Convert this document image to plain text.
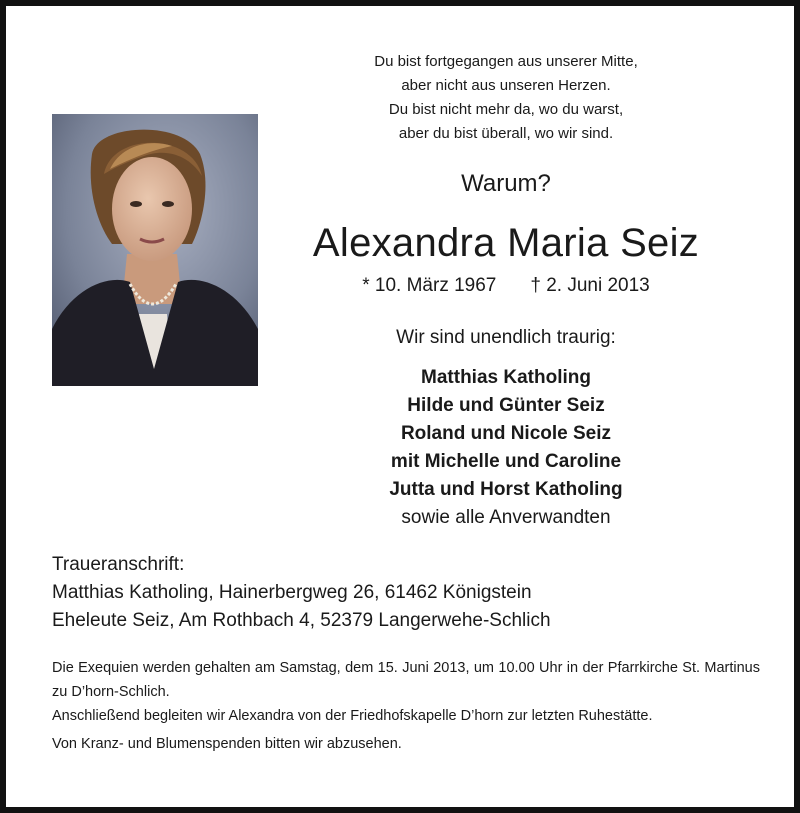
Du bist fortgegangen aus unserer Mitte,
aber nicht aus unseren Herzen.
Du bist nicht mehr da, wo du warst,
aber du bist überall, wo wir sind.
Warum?
Alexandra Maria Seiz
* 10. März 1967 † 2. Juni 2013
Wir sind unendlich traurig:
Matthias Katholing
Hilde und Günter Seiz
Roland und Nicole Seiz
mit Michelle und Caroline
Jutta und Horst Katholing
sowie alle Anverwandten
Traueranschrift:
Matthias Katholing, Hainerbergweg 26, 61462 Königstein
Eheleute Seiz, Am Rothbach 4, 52379 Langerwehe-Schlich

Die Exequien werden gehalten am Samstag, dem 15. Juni 2013, um 10.00 Uhr in der Pfarrkirche St. Martinus zu D’horn-Schlich.

Anschließend begleiten wir Alexandra von der Friedhofskapelle D’horn zur letzten Ruhestätte.

Von Kranz- und Blumenspenden bitten wir abzusehen.
